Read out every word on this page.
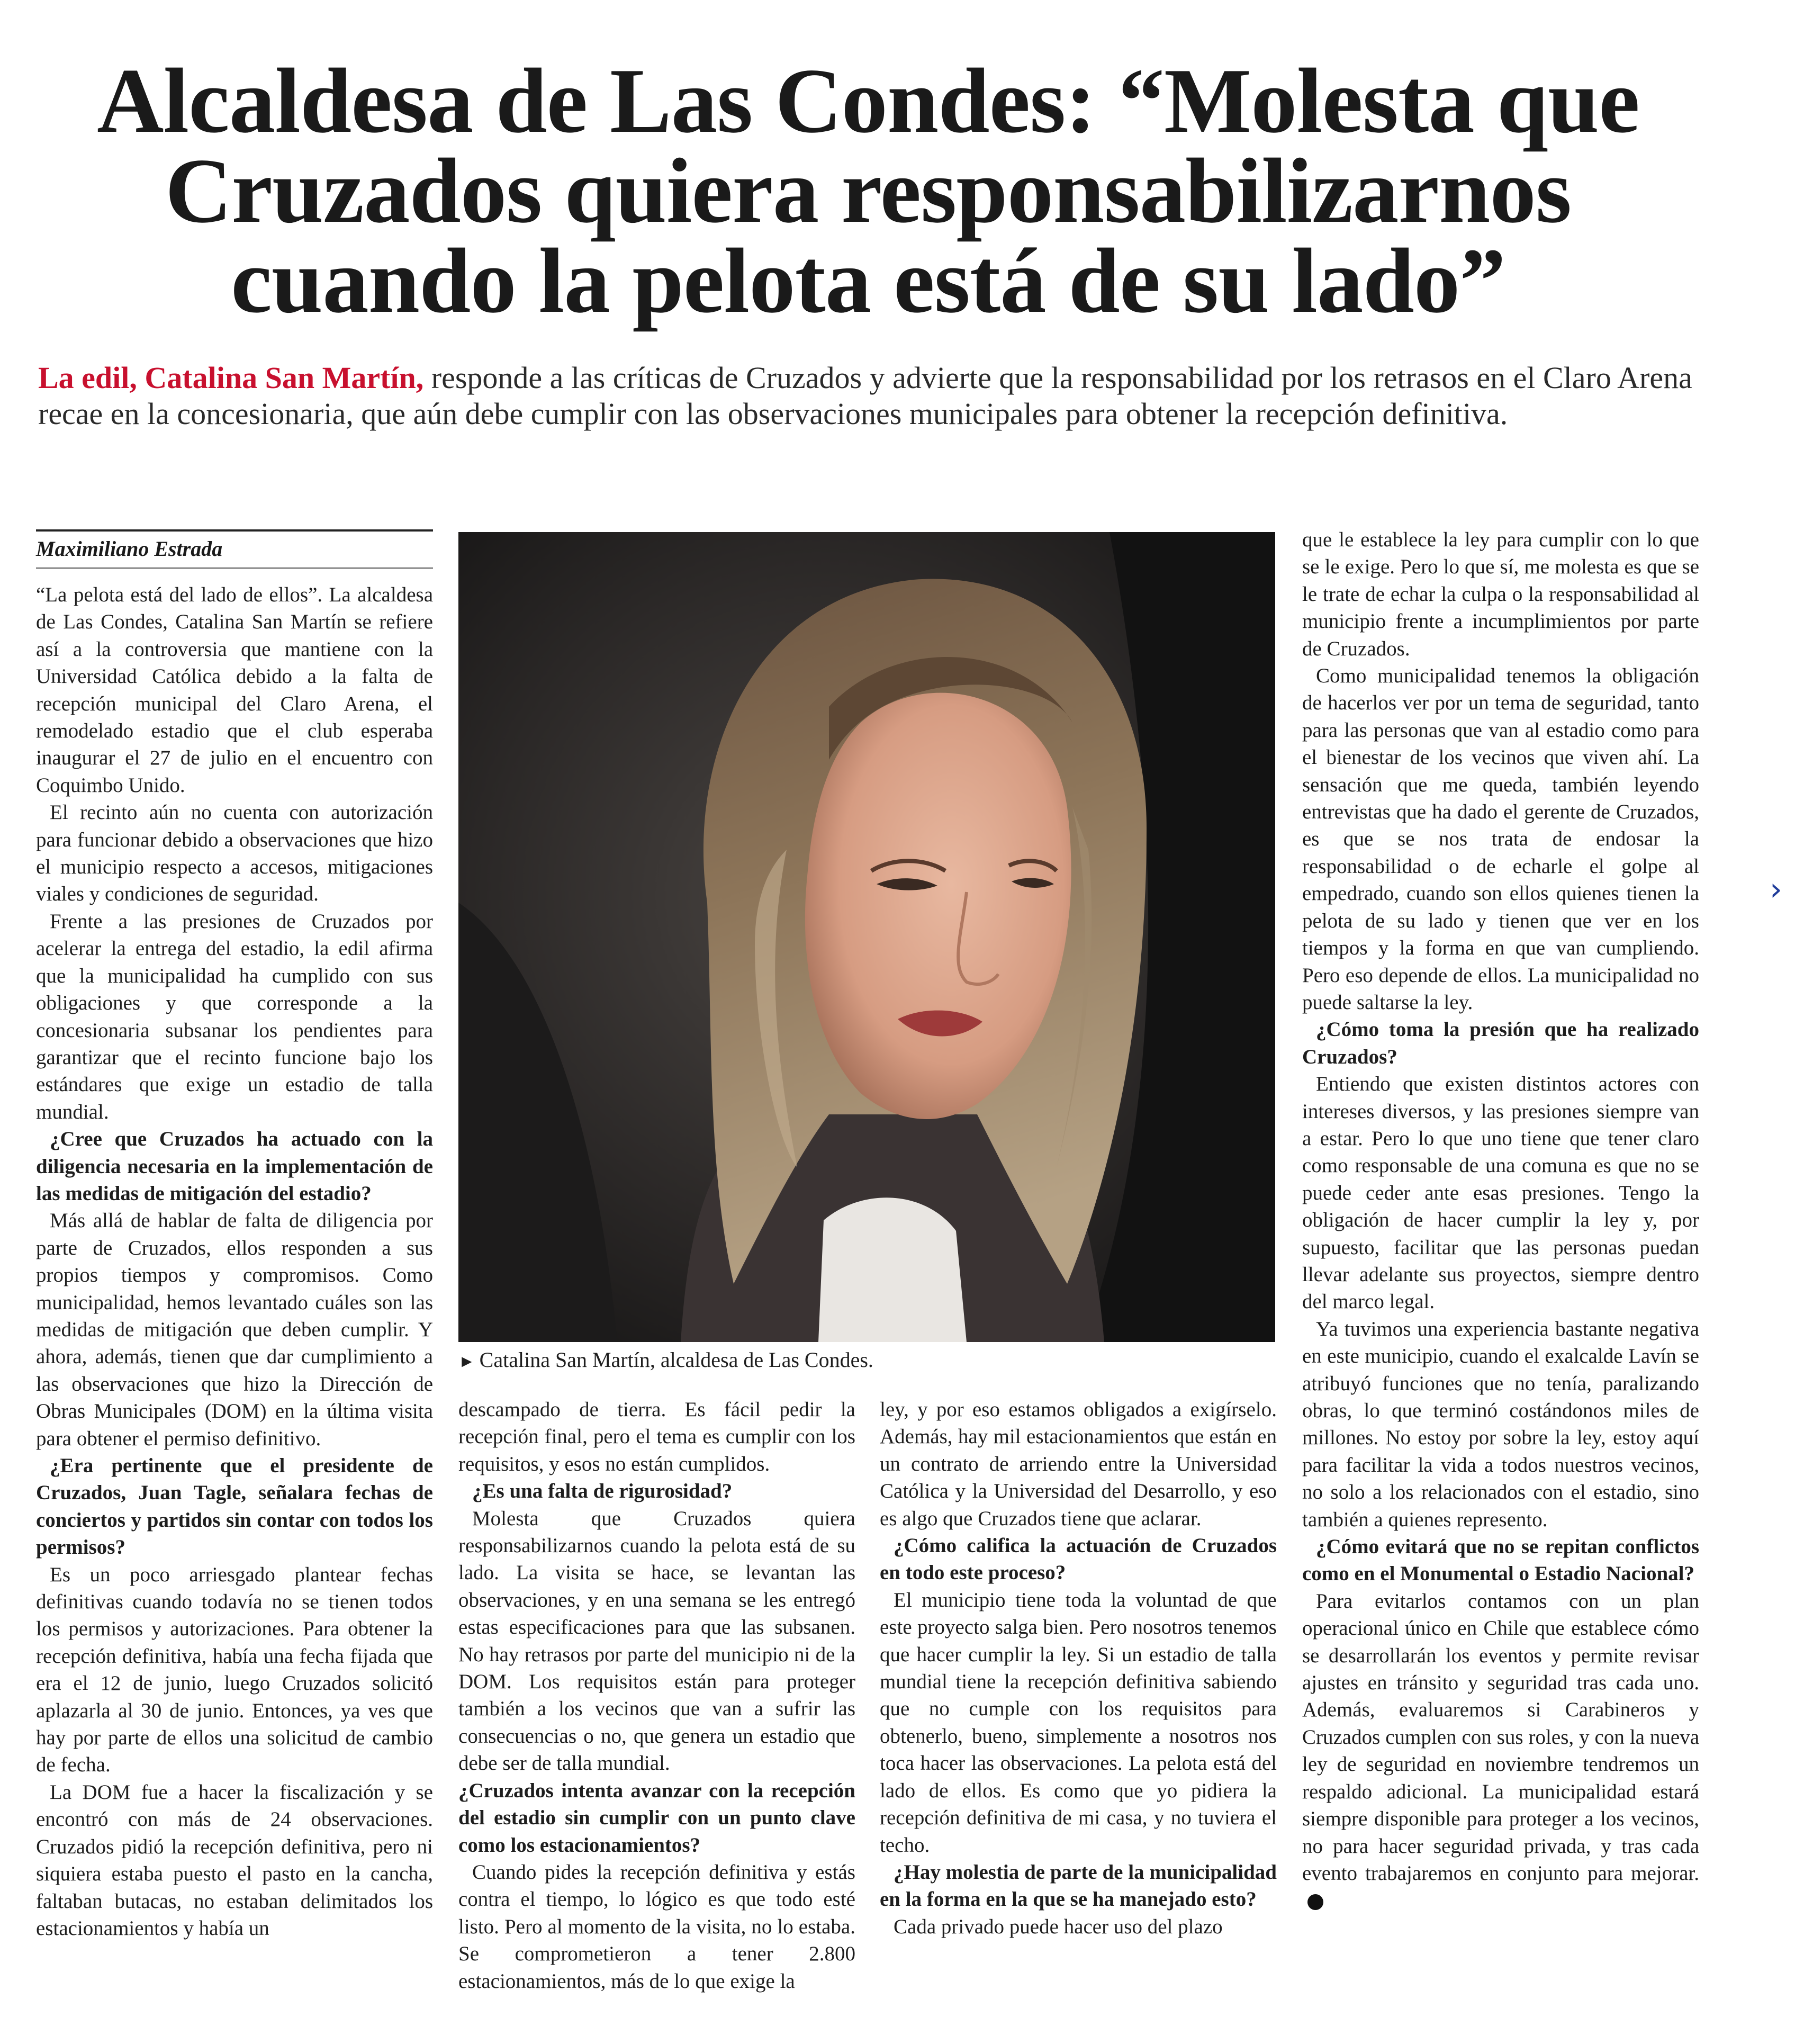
Alcaldesa de Las Condes: “Molesta que
Cruzados quiera responsabilizarnos
cuando la pelota está de su lado”

La edil, Catalina San Martín, responde a las críticas de Cruzados y advierte que la responsabilidad por los retrasos en el Claro Arena recae en la concesionaria, que aún debe cumplir con las observaciones municipales para obtener la recepción definitiva.

Maximiliano Estrada

“La pelota está del lado de ellos”. La alcaldesa de Las Condes, Catalina San Martín se refiere así a la controversia que mantiene con la Universidad Católica debido a la falta de recepción municipal del Claro Arena, el remodelado estadio que el club esperaba inaugurar el 27 de julio en el encuentro con Coquimbo Unido.

El recinto aún no cuenta con autorización para funcionar debido a observaciones que hizo el municipio respecto a accesos, mitigaciones viales y condiciones de seguridad.

Frente a las presiones de Cruzados por acelerar la entrega del estadio, la edil afirma que la municipalidad ha cumplido con sus obligaciones y que corresponde a la concesionaria subsanar los pendientes para garantizar que el recinto funcione bajo los estándares que exige un estadio de talla mundial.

¿Cree que Cruzados ha actuado con la diligencia necesaria en la implementación de las medidas de mitigación del estadio?

Más allá de hablar de falta de diligencia por parte de Cruzados, ellos responden a sus propios tiempos y compromisos. Como municipalidad, hemos levantado cuáles son las medidas de mitigación que deben cumplir. Y ahora, además, tienen que dar cumplimiento a las observaciones que hizo la Dirección de Obras Municipales (DOM) en la última visita para obtener el permiso definitivo.

¿Era pertinente que el presidente de Cruzados, Juan Tagle, señalara fechas de conciertos y partidos sin contar con todos los permisos?

Es un poco arriesgado plantear fechas definitivas cuando todavía no se tienen todos los permisos y autorizaciones. Para obtener la recepción definitiva, había una fecha fijada que era el 12 de junio, luego Cruzados solicitó aplazarla al 30 de junio. Entonces, ya ves que hay por parte de ellos una solicitud de cambio de fecha.

La DOM fue a hacer la fiscalización y se encontró con más de 24 observaciones. Cruzados pidió la recepción definitiva, pero ni siquiera estaba puesto el pasto en la cancha, faltaban butacas, no estaban delimitados los estacionamientos y había un

► Catalina San Martín, alcaldesa de Las Condes.

descampado de tierra. Es fácil pedir la recepción final, pero el tema es cumplir con los requisitos, y esos no están cumplidos.

¿Es una falta de rigurosidad?

Molesta que Cruzados quiera responsabilizarnos cuando la pelota está de su lado. La visita se hace, se levantan las observaciones, y en una semana se les entregó estas especificaciones para que las subsanen. No hay retrasos por parte del municipio ni de la DOM. Los requisitos están para proteger también a los vecinos que van a sufrir las consecuencias o no, que genera un estadio que debe ser de talla mundial.

¿Cruzados intenta avanzar con la recepción del estadio sin cumplir con un punto clave como los estacionamientos?

Cuando pides la recepción definitiva y estás contra el tiempo, lo lógico es que todo esté listo. Pero al momento de la visita, no lo estaba. Se comprometieron a tener 2.800 estacionamientos, más de lo que exige la

ley, y por eso estamos obligados a exigírselo. Además, hay mil estacionamientos que están en un contrato de arriendo entre la Universidad Católica y la Universidad del Desarrollo, y eso es algo que Cruzados tiene que aclarar.

¿Cómo califica la actuación de Cruzados en todo este proceso?

El municipio tiene toda la voluntad de que este proyecto salga bien. Pero nosotros tenemos que hacer cumplir la ley. Si un estadio de talla mundial tiene la recepción definitiva sabiendo que no cumple con los requisitos para obtenerlo, bueno, simplemente a nosotros nos toca hacer las observaciones. La pelota está del lado de ellos. Es como que yo pidiera la recepción definitiva de mi casa, y no tuviera el techo.

¿Hay molestia de parte de la municipalidad en la forma en la que se ha manejado esto?

Cada privado puede hacer uso del plazo

que le establece la ley para cumplir con lo que se le exige. Pero lo que sí, me molesta es que se le trate de echar la culpa o la responsabilidad al municipio frente a incumplimientos por parte de Cruzados.

Como municipalidad tenemos la obligación de hacerlos ver por un tema de seguridad, tanto para las personas que van al estadio como para el bienestar de los vecinos que viven ahí. La sensación que me queda, también leyendo entrevistas que ha dado el gerente de Cruzados, es que se nos trata de endosar la responsabilidad o de echarle el golpe al empedrado, cuando son ellos quienes tienen la pelota de su lado y tienen que ver en los tiempos y la forma en que van cumpliendo. Pero eso depende de ellos. La municipalidad no puede saltarse la ley.

¿Cómo toma la presión que ha realizado Cruzados?

Entiendo que existen distintos actores con intereses diversos, y las presiones siempre van a estar. Pero lo que uno tiene que tener claro como responsable de una comuna es que no se puede ceder ante esas presiones. Tengo la obligación de hacer cumplir la ley y, por supuesto, facilitar que las personas puedan llevar adelante sus proyectos, siempre dentro del marco legal.

Ya tuvimos una experiencia bastante negativa en este municipio, cuando el exalcalde Lavín se atribuyó funciones que no tenía, paralizando obras, lo que terminó costándonos miles de millones. No estoy por sobre la ley, estoy aquí para facilitar la vida a todos nuestros vecinos, no solo a los relacionados con el estadio, sino también a quienes represento.

¿Cómo evitará que no se repitan conflictos como en el Monumental o Estadio Nacional?

Para evitarlos contamos con un plan operacional único en Chile que establece cómo se desarrollarán los eventos y permite revisar ajustes en tránsito y seguridad tras cada uno. Además, evaluaremos si Carabineros y Cruzados cumplen con sus roles, y con la nueva ley de seguridad en noviembre tendremos un respaldo adicional. La municipalidad estará siempre disponible para proteger a los vecinos, no para hacer seguridad privada, y tras cada evento trabajaremos en conjunto para mejorar.

›
